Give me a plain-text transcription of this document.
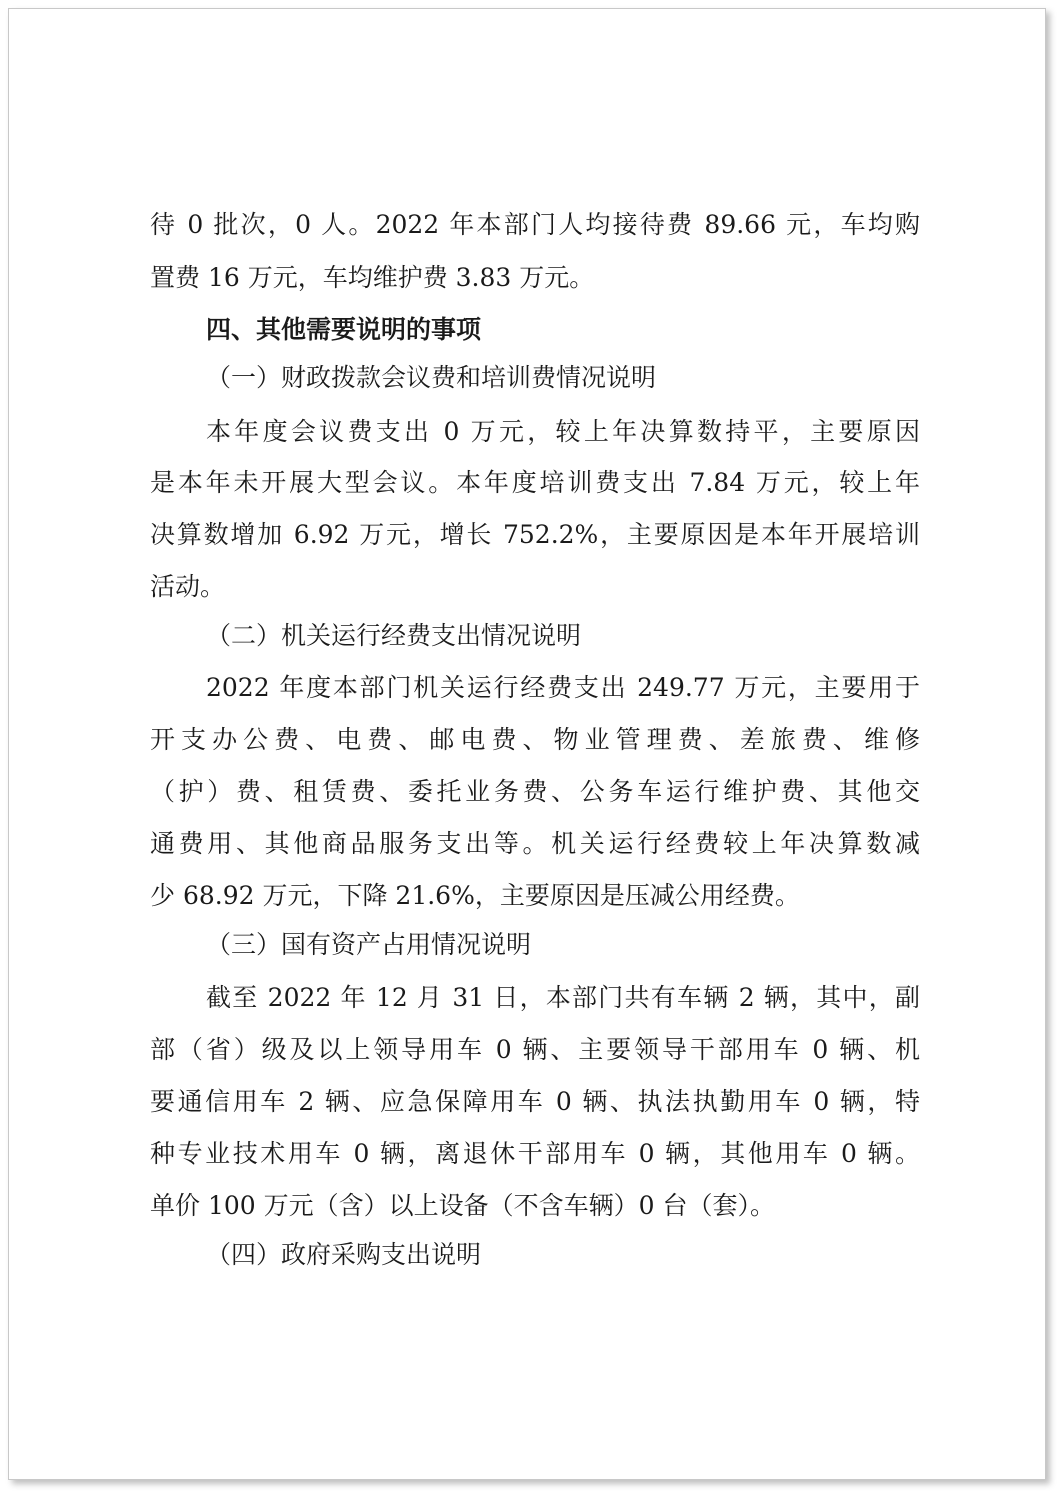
待 0 批次，0 人。2022 年本部门人均接待费 89.66 元，车均购
置费 16 万元，车均维护费 3.83 万元。
四、其他需要说明的事项
（一）财政拨款会议费和培训费情况说明
本年度会议费支出 0 万元，较上年决算数持平，主要原因
是本年未开展大型会议。本年度培训费支出 7.84 万元，较上年
决算数增加 6.92 万元，增长 752.2%，主要原因是本年开展培训
活动。
（二）机关运行经费支出情况说明
2022 年度本部门机关运行经费支出 249.77 万元，主要用于
开支办公费、电费、邮电费、物业管理费、差旅费、维修
（护）费、租赁费、委托业务费、公务车运行维护费、其他交
通费用、其他商品服务支出等。机关运行经费较上年决算数减
少 68.92 万元，下降 21.6%，主要原因是压减公用经费。
（三）国有资产占用情况说明
截至 2022 年 12 月 31 日，本部门共有车辆 2 辆，其中，副
部（省）级及以上领导用车 0 辆、主要领导干部用车 0 辆、机
要通信用车 2 辆、应急保障用车 0 辆、执法执勤用车 0 辆，特
种专业技术用车 0 辆，离退休干部用车 0 辆，其他用车 0 辆。
单价 100 万元（含）以上设备（不含车辆）0 台（套）。
（四）政府采购支出说明
